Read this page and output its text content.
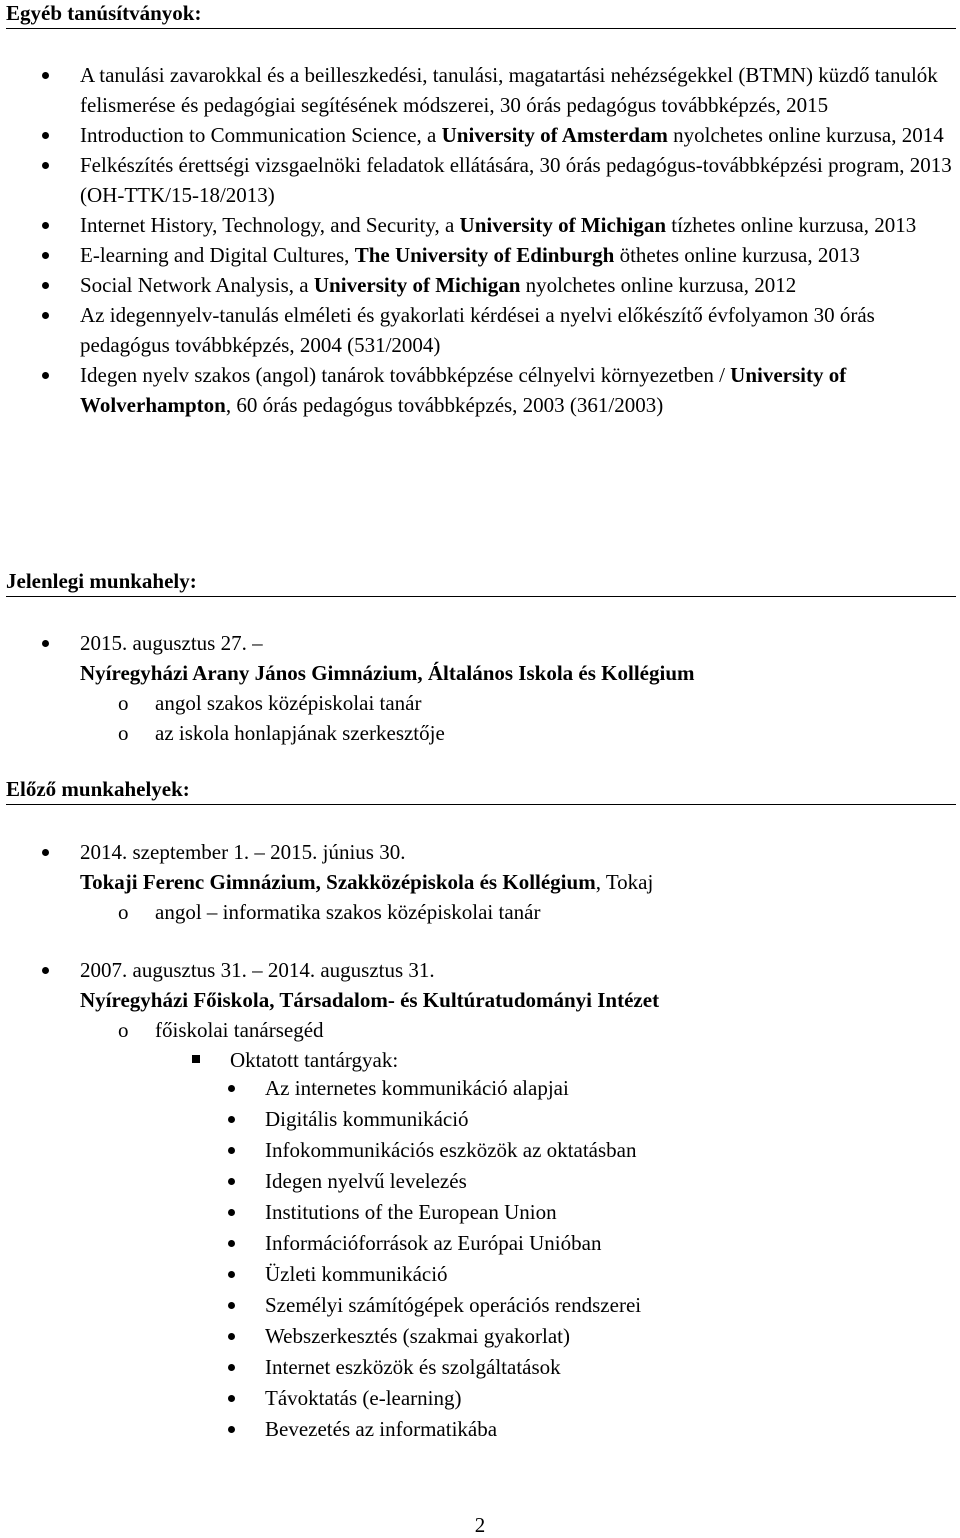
Egyéb tanúsítványok:
A tanulási zavarokkal és a beilleszkedési, tanulási, magatartási nehézségekkel (BTMN) küzdő tanulók felismerése és pedagógiai segítésének módszerei, 30 órás pedagógus továbbképzés, 2015
Introduction to Communication Science, a University of Amsterdam nyolchetes online kurzusa, 2014
Felkészítés érettségi vizsgaelnöki feladatok ellátására, 30 órás pedagógus-továbbképzési program, 2013 (OH-TTK/15-18/2013)
Internet History, Technology, and Security, a University of Michigan tízhetes online kurzusa, 2013
E-learning and Digital Cultures, The University of Edinburgh öthetes online kurzusa, 2013
Social Network Analysis, a University of Michigan nyolchetes online kurzusa, 2012
Az idegennyelv-tanulás elméleti és gyakorlati kérdései a nyelvi előkészítő évfolyamon 30 órás pedagógus továbbképzés, 2004 (531/2004)
Idegen nyelv szakos (angol) tanárok továbbképzése célnyelvi környezetben / University of Wolverhampton, 60 órás pedagógus továbbképzés, 2003 (361/2003)
Jelenlegi munkahely:
2015. augusztus 27. –
Nyíregyházi Arany János Gimnázium, Általános Iskola és Kollégium
o angol szakos középiskolai tanár
o az iskola honlapjának szerkesztője
Előző munkahelyek:
2014. szeptember 1. – 2015. június 30.
Tokaji Ferenc Gimnázium, Szakközépiskola és Kollégium, Tokaj
o angol – informatika szakos középiskolai tanár
2007. augusztus 31. – 2014. augusztus 31.
Nyíregyházi Főiskola, Társadalom- és Kultúratudományi Intézet
o főiskolai tanársegéd
Oktatott tantárgyak:
Az internetes kommunikáció alapjai
Digitális kommunikáció
Infokommunikációs eszközök az oktatásban
Idegen nyelvű levelezés
Institutions of the European Union
Információforrások az Európai Unióban
Üzleti kommunikáció
Személyi számítógépek operációs rendszerei
Webszerkesztés (szakmai gyakorlat)
Internet eszközök és szolgáltatások
Távoktatás (e-learning)
Bevezetés az informatikába
2
